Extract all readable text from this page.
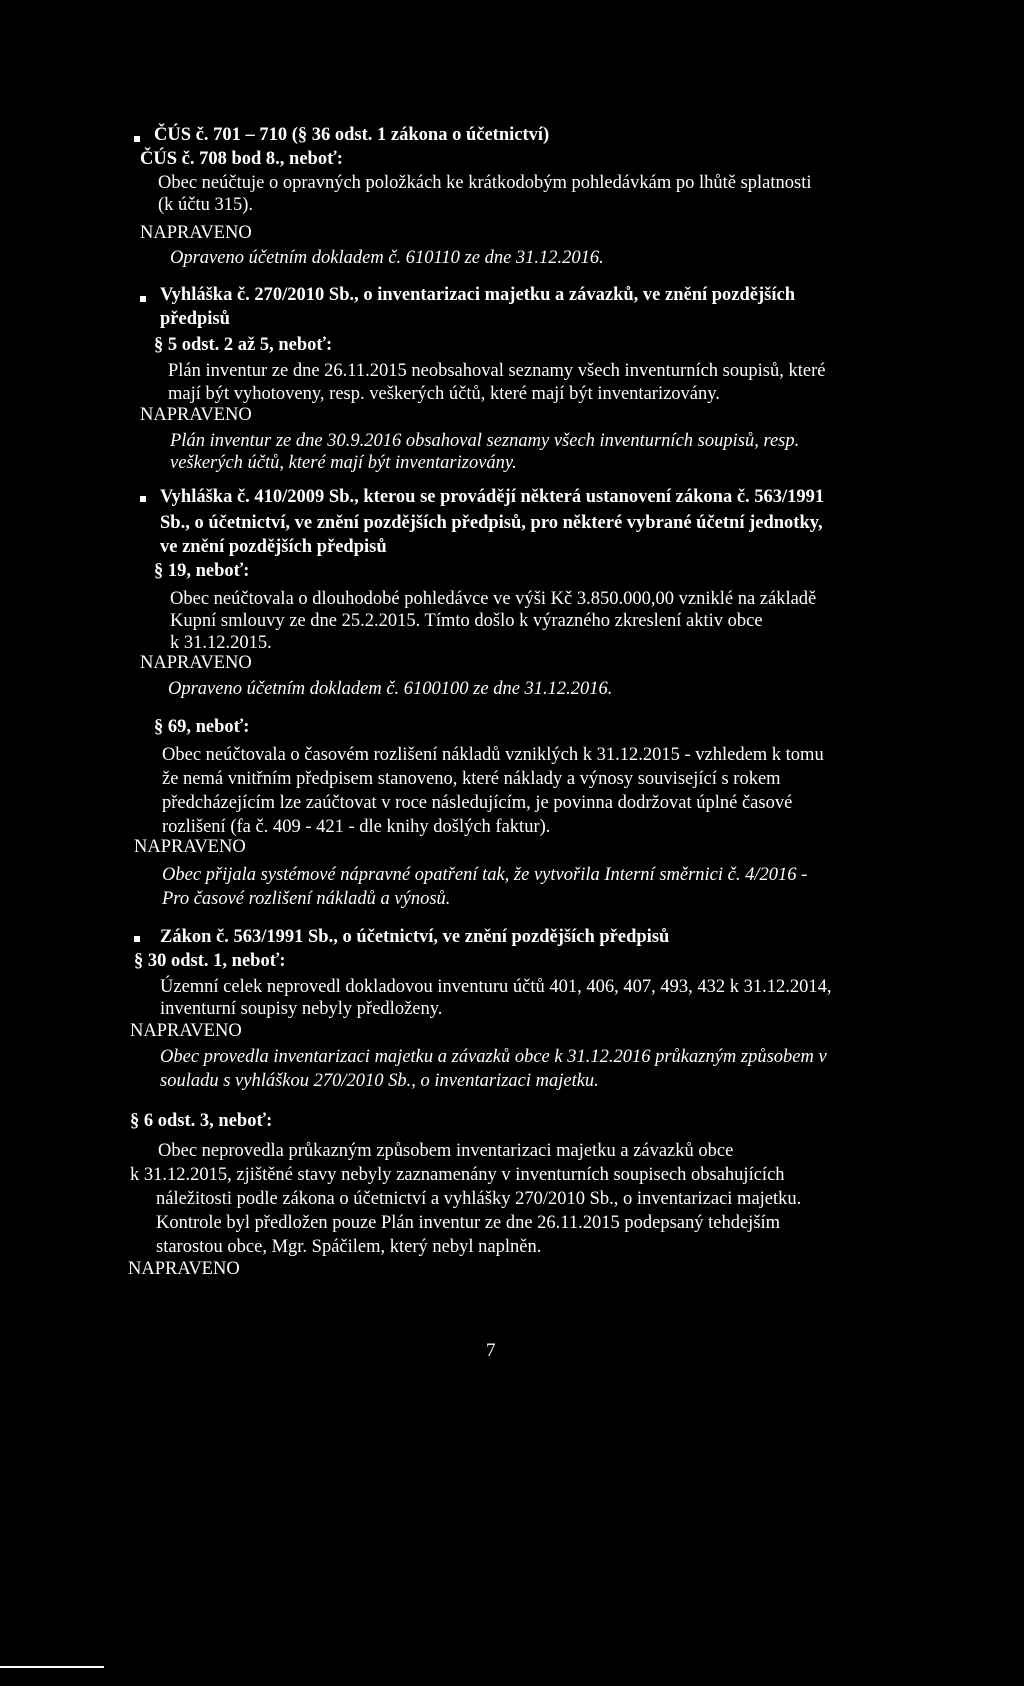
ČÚS č. 701 – 710 (§ 36 odst. 1 zákona o účetnictví)
ČÚS č. 708 bod 8., neboť:
Obec neúčtuje o opravných položkách ke krátkodobým pohledávkám po lhůtě splatnosti
(k účtu 315).
NAPRAVENO
Opraveno účetním dokladem č. 610110 ze dne 31.12.2016.
Vyhláška č. 270/2010 Sb., o inventarizaci majetku a závazků, ve znění pozdějších
předpisů
§ 5 odst. 2 až 5, neboť:
Plán inventur ze dne 26.11.2015 neobsahoval seznamy všech inventurních soupisů, které
mají být vyhotoveny, resp. veškerých účtů, které mají být inventarizovány.
NAPRAVENO
Plán inventur ze dne 30.9.2016 obsahoval seznamy všech inventurních soupisů, resp.
veškerých účtů, které mají být inventarizovány.
Vyhláška č. 410/2009 Sb., kterou se provádějí některá ustanovení zákona č. 563/1991
Sb., o účetnictví, ve znění pozdějších předpisů, pro některé vybrané účetní jednotky,
ve znění pozdějších předpisů
§ 19, neboť:
Obec neúčtovala o dlouhodobé pohledávce ve výši Kč 3.850.000,00 vzniklé na základě
Kupní smlouvy ze dne 25.2.2015. Tímto došlo k výrazného zkreslení aktiv obce
k 31.12.2015.
NAPRAVENO
Opraveno účetním dokladem č. 6100100 ze dne 31.12.2016.
§ 69, neboť:
Obec neúčtovala o časovém rozlišení nákladů vzniklých k 31.12.2015 - vzhledem k tomu
že nemá vnitřním předpisem stanoveno, které náklady a výnosy související s rokem
předcházejícím lze zaúčtovat v roce následujícím, je povinna dodržovat úplné časové
rozlišení (fa č. 409 - 421 - dle knihy došlých faktur).
NAPRAVENO
Obec přijala systémové nápravné opatření tak, že vytvořila Interní směrnici č. 4/2016 -
Pro časové rozlišení nákladů a výnosů.
Zákon č. 563/1991 Sb., o účetnictví, ve znění pozdějších předpisů
§ 30 odst. 1, neboť:
Územní celek neprovedl dokladovou inventuru účtů 401, 406, 407, 493, 432 k 31.12.2014,
inventurní soupisy nebyly předloženy.
NAPRAVENO
Obec provedla inventarizaci majetku a závazků obce k 31.12.2016 průkazným způsobem v
souladu s vyhláškou 270/2010 Sb., o inventarizaci majetku.
§ 6 odst. 3, neboť:
Obec neprovedla průkazným způsobem inventarizaci majetku a závazků obce
k 31.12.2015, zjištěné stavy nebyly zaznamenány v inventurních soupisech obsahujících
náležitosti podle zákona o účetnictví a vyhlášky 270/2010 Sb., o inventarizaci majetku.
Kontrole byl předložen pouze Plán inventur ze dne 26.11.2015 podepsaný tehdejším
starostou obce, Mgr. Spáčilem, který nebyl naplněn.
NAPRAVENO
7
